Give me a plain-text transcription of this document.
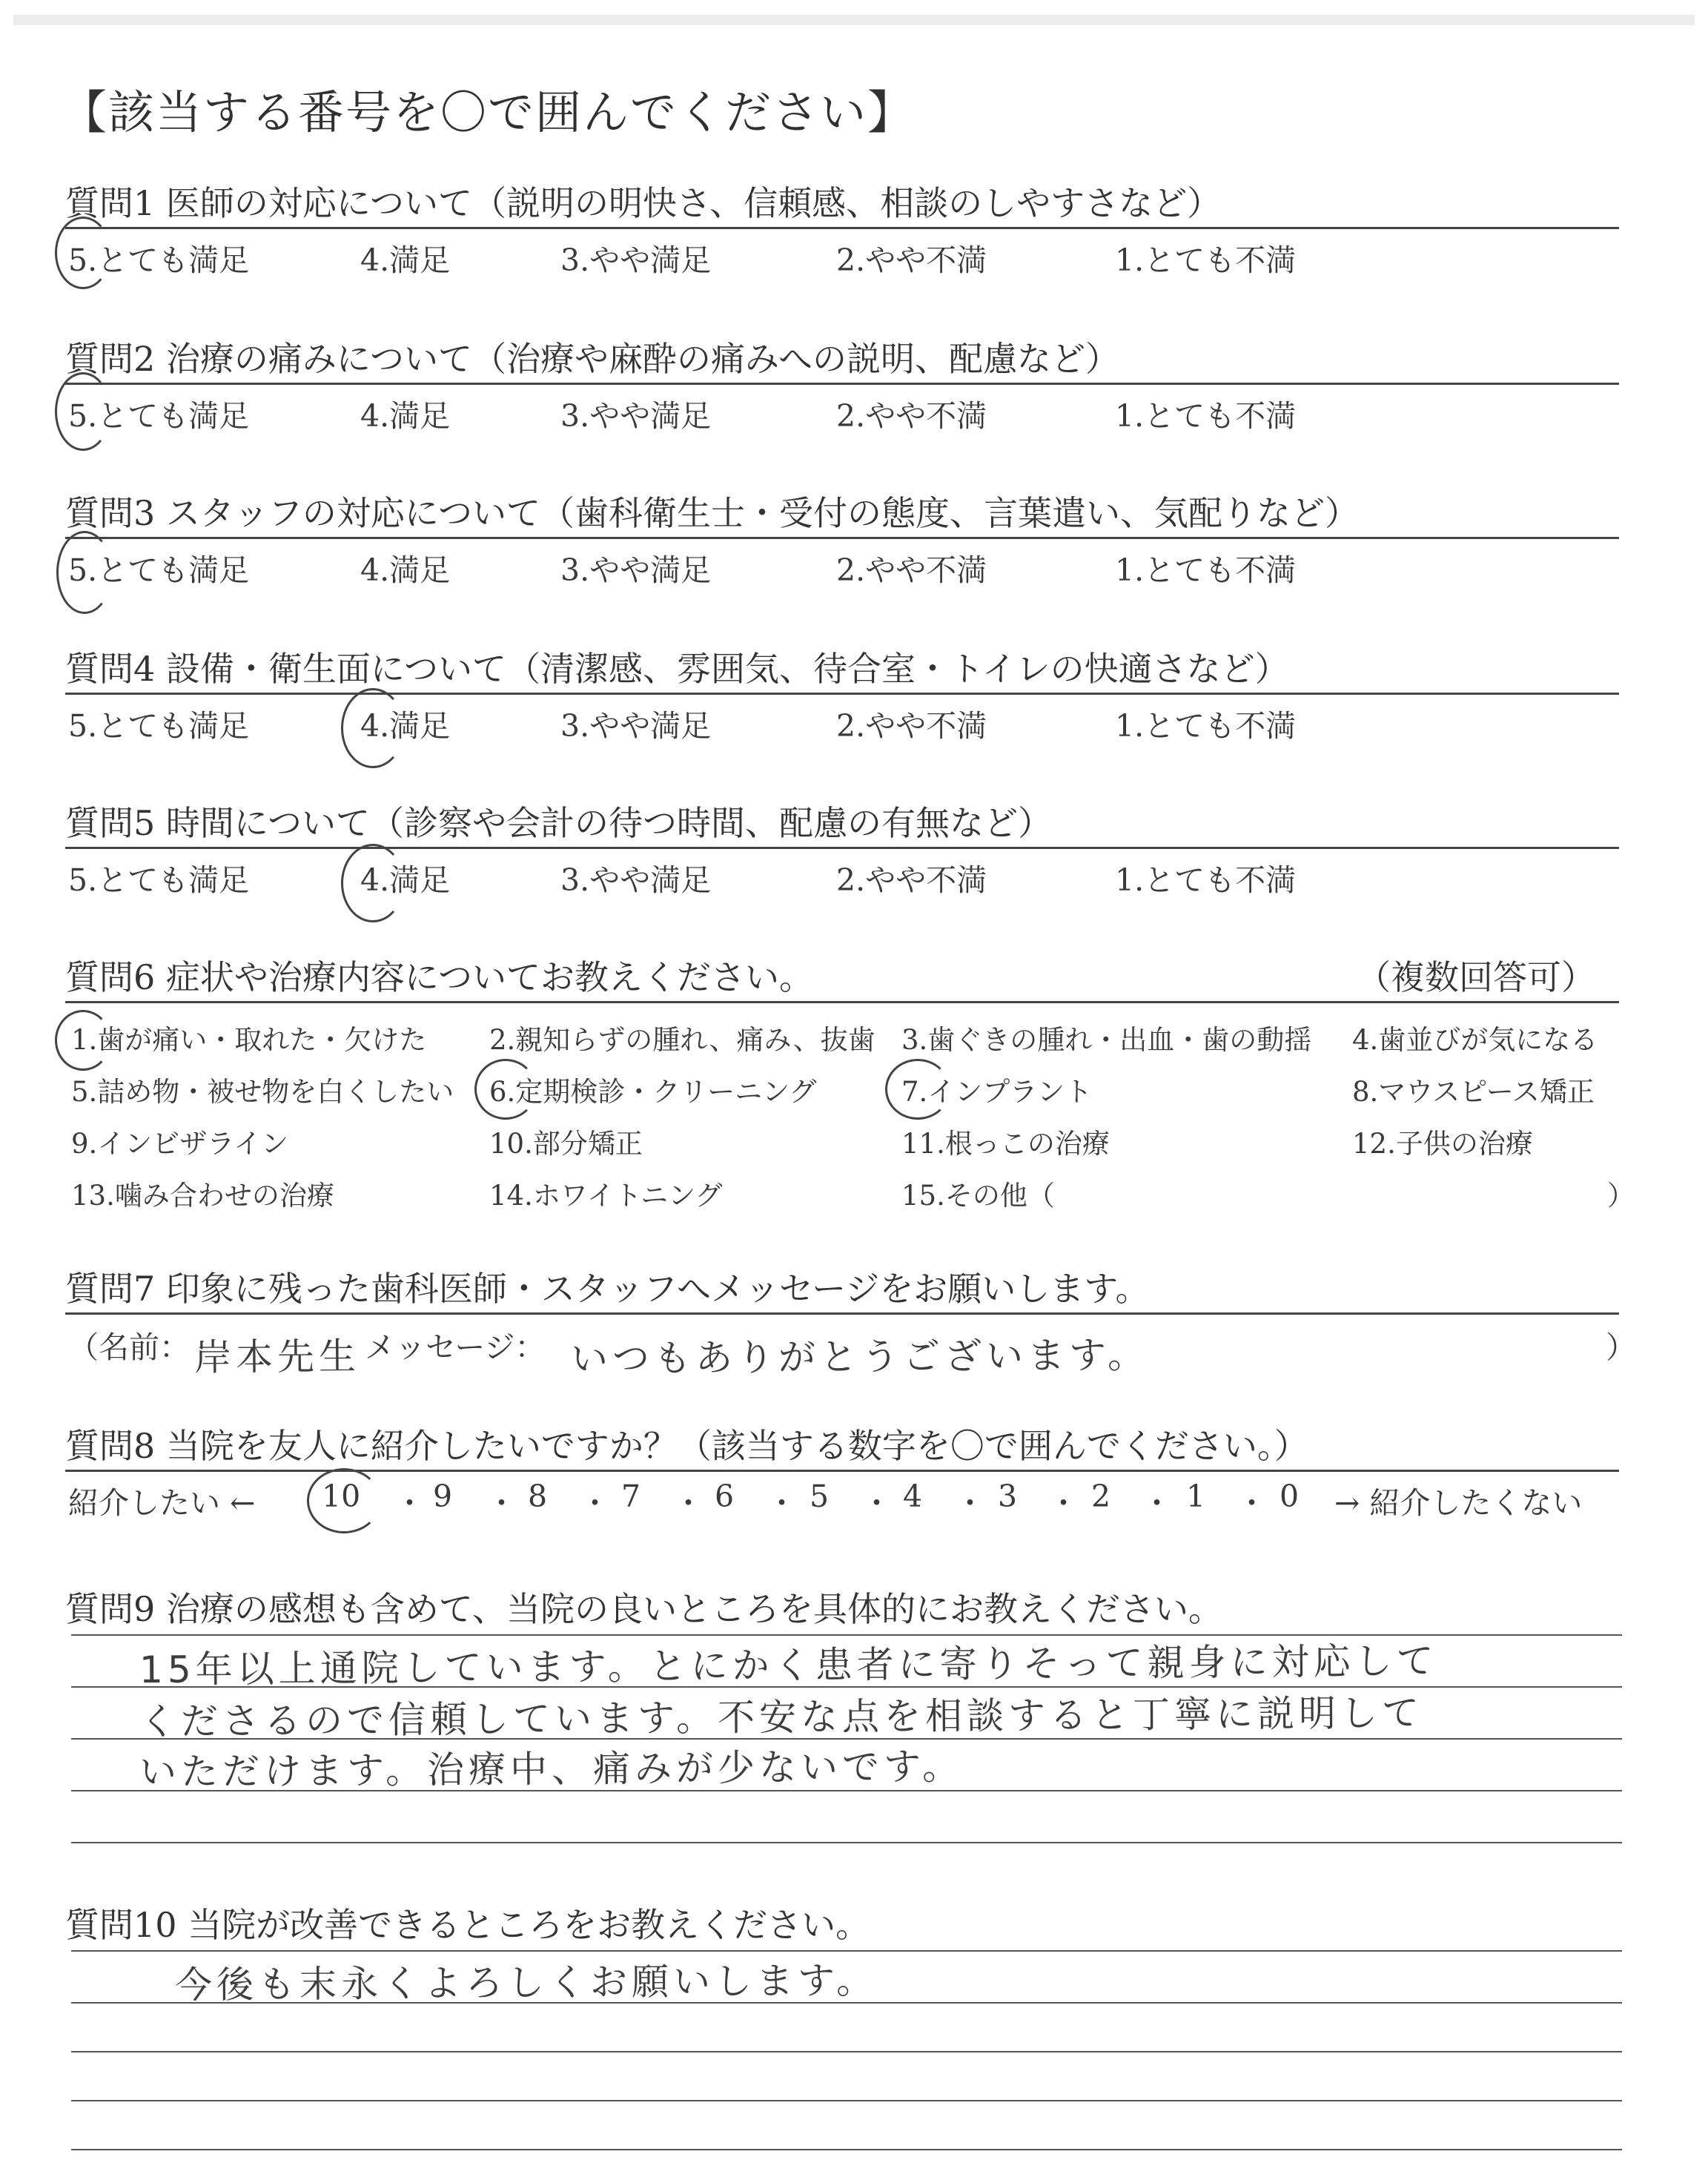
【該当する番号を〇で囲んでください】
質問1 医師の対応について（説明の明快さ、信頼感、相談のしやすさなど）
5.とても満足	4.満足	3.やや満足	2.やや不満	1.とても不満
質問2 治療の痛みについて（治療や麻酔の痛みへの説明、配慮など）
5.とても満足	4.満足	3.やや満足	2.やや不満	1.とても不満
質問3 スタッフの対応について（歯科衛生士・受付の態度、言葉遣い、気配りなど）
5.とても満足	4.満足	3.やや満足	2.やや不満	1.とても不満
質問4 設備・衛生面について（清潔感、雰囲気、待合室・トイレの快適さなど）
5.とても満足	4.満足	3.やや満足	2.やや不満	1.とても不満
質問5 時間について（診察や会計の待つ時間、配慮の有無など）
5.とても満足	4.満足	3.やや満足	2.やや不満	1.とても不満
質問6 症状や治療内容についてお教えください。	（複数回答可）
1.歯が痛い・取れた・欠けた 2.親知らずの腫れ、痛み、抜歯 3.歯ぐきの腫れ・出血・歯の動揺 4.歯並びが気になる
5.詰め物・被せ物を白くしたい 6.定期検診・クリーニング	7.インプラント	8.マウスピース矯正
9.インビザライン	10.部分矯正	11.根っこの治療	12.子供の治療
13.噛み合わせの治療	14.ホワイトニング	15.その他（	）
質問7 印象に残った歯科医師・スタッフへメッセージをお願いします。
（名前： 岸本先生 メッセージ： いつもありがとうございます。	）
質問8 当院を友人に紹介したいですか？（該当する数字を〇で囲んでください。）
紹介したい ←	→ 紹介したくない
10 ・ 9 ・ 8 ・ 7 ・ 6 ・ 5 ・ 4 ・ 3 ・ 2 ・ 1 ・ 0
質問9 治療の感想も含めて、当院の良いところを具体的にお教えください。
15年以上通院しています。とにかく患者に寄りそって親身に対応して
くださるので信頼しています。不安な点を相談すると丁寧に説明して
いただけます。治療中、痛みが少ないです。
質問10 当院が改善できるところをお教えください。
今後も末永くよろしくお願いします。
